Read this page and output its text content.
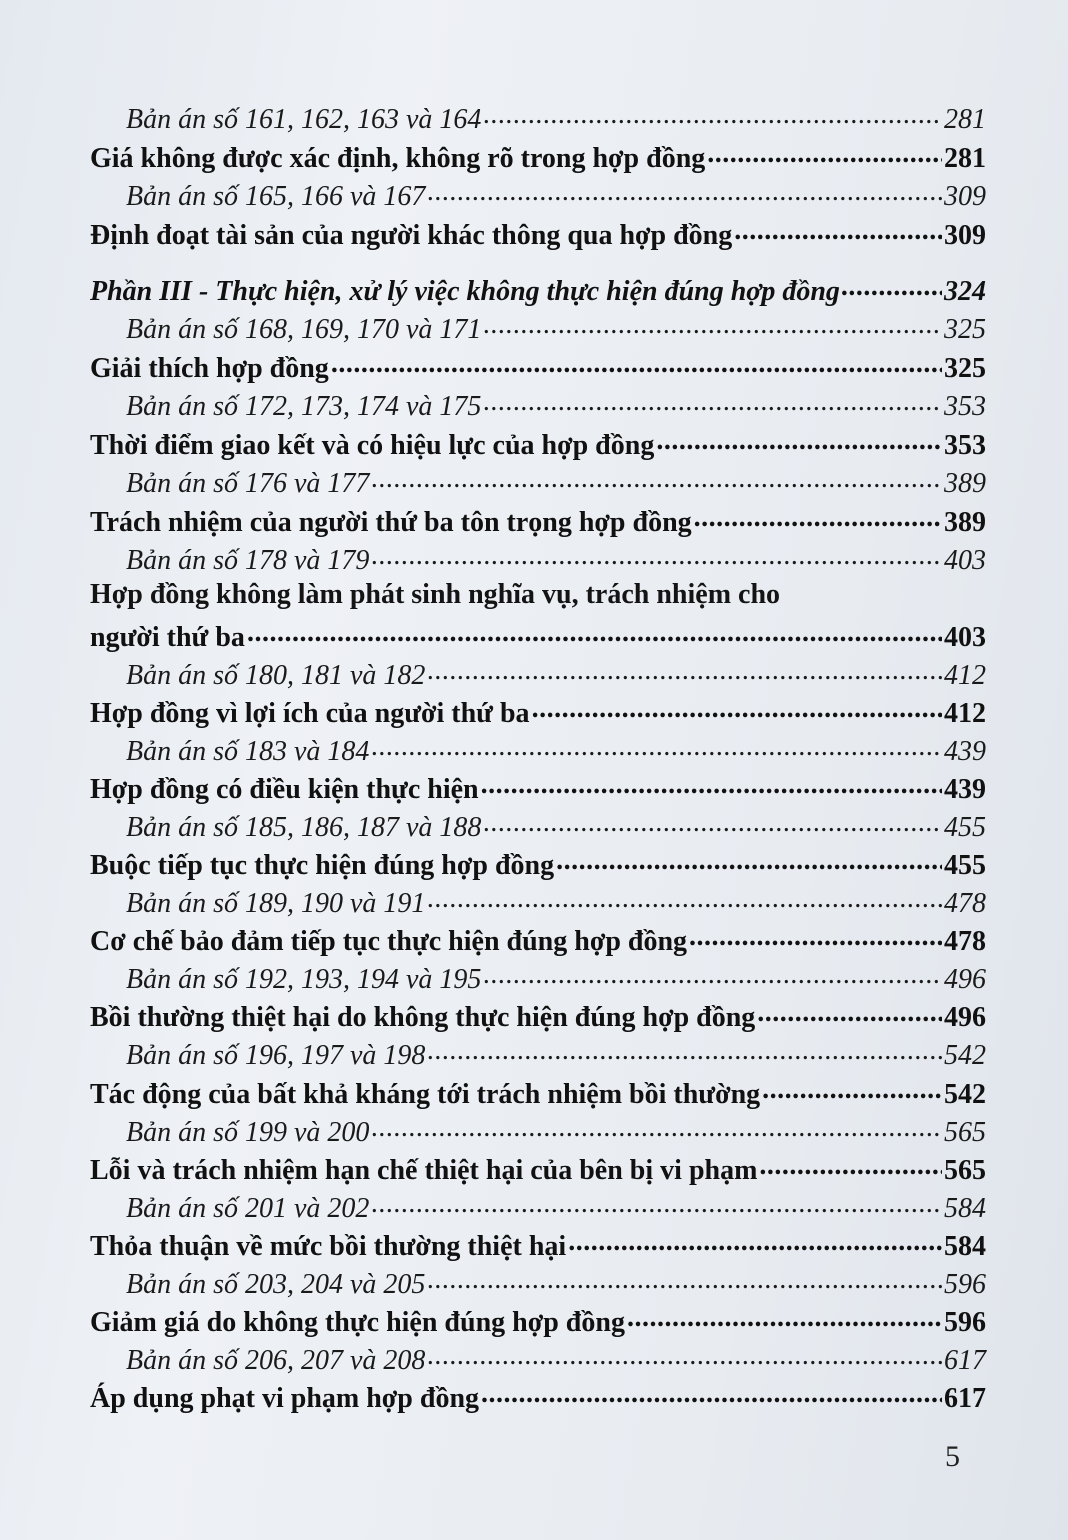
Bản án số 161, 162, 163 và 164 .....	281
Giá không được xác định, không rõ trong hợp đồng .....	281
Bản án số 165, 166 và 167 .....	309
Định đoạt tài sản của người khác thông qua hợp đồng .....	309
Phần III - Thực hiện, xử lý việc không thực hiện đúng hợp đồng .....	324
Bản án số 168, 169, 170 và 171 .....	325
Giải thích hợp đồng .....	325
Bản án số 172, 173, 174 và 175 .....	353
Thời điểm giao kết và có hiệu lực của hợp đồng .....	353
Bản án số 176 và 177 .....	389
Trách nhiệm của người thứ ba tôn trọng hợp đồng .....	389
Bản án số 178 và 179 .....	403
Hợp đồng không làm phát sinh nghĩa vụ, trách nhiệm cho
người thứ ba .....	403
Bản án số 180, 181 và 182 .....	412
Hợp đồng vì lợi ích của người thứ ba .....	412
Bản án số 183 và 184 .....	439
Hợp đồng có điều kiện thực hiện .....	439
Bản án số 185, 186, 187 và 188 .....	455
Buộc tiếp tục thực hiện đúng hợp đồng .....	455
Bản án số 189, 190 và 191 .....	478
Cơ chế bảo đảm tiếp tục thực hiện đúng hợp đồng .....	478
Bản án số 192, 193, 194 và 195 .....	496
Bồi thường thiệt hại do không thực hiện đúng hợp đồng .....	496
Bản án số 196, 197 và 198 .....	542
Tác động của bất khả kháng tới trách nhiệm bồi thường .....	542
Bản án số 199 và 200 .....	565
Lỗi và trách nhiệm hạn chế thiệt hại của bên bị vi phạm .....	565
Bản án số 201 và 202 .....	584
Thỏa thuận về mức bồi thường thiệt hại .....	584
Bản án số 203, 204 và 205 .....	596
Giảm giá do không thực hiện đúng hợp đồng .....	596
Bản án số 206, 207 và 208 .....	617
Áp dụng phạt vi phạm hợp đồng .....	617
5
